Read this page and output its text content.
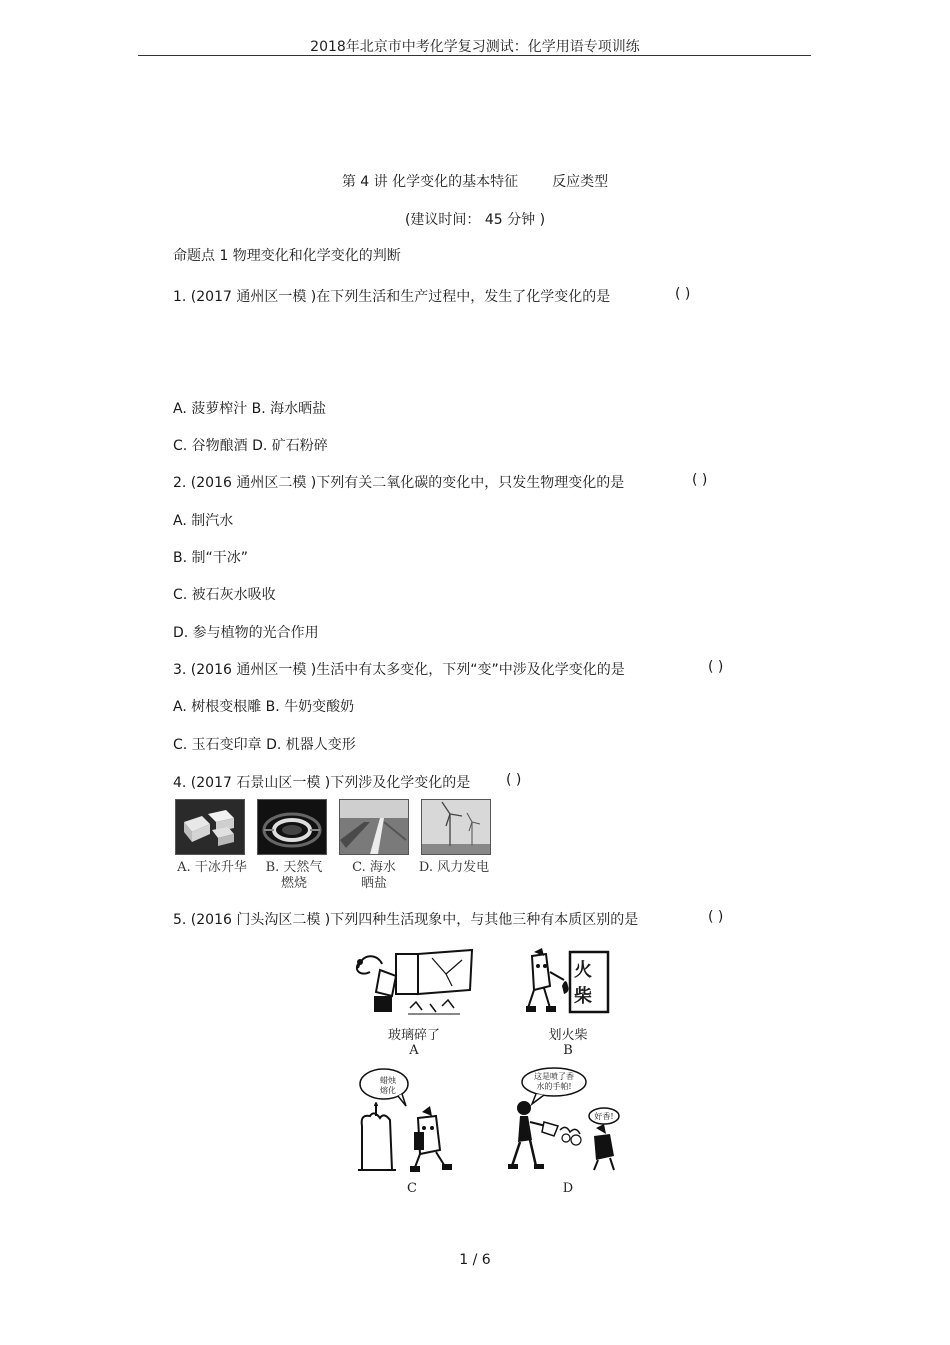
2018年北京市中考化学复习测试：化学用语专项训练
第 4 讲 化学变化的基本特征 反应类型
(建议时间： 45 分钟 )
命题点 1 物理变化和化学变化的判断
1. (2017 通州区一模 )在下列生活和生产过程中，发生了化学变化的是	( )
A. 菠萝榨汁 B. 海水晒盐
C. 谷物酿酒 D. 矿石粉碎
2. (2016 通州区二模 )下列有关二氧化碳的变化中，只发生物理变化的是	( )
A. 制汽水
B. 制“干冰”
C. 被石灰水吸收
D. 参与植物的光合作用
3. (2016 通州区一模 )生活中有太多变化，下列“变”中涉及化学变化的是	( )
A. 树根变根雕 B. 牛奶变酸奶
C. 玉石变印章 D. 机器人变形
4. (2017 石景山区一模 )下列涉及化学变化的是	( )
A. 干冰升华	B. 天然气
燃烧
C. 海水
晒盐
D. 风力发电
5. (2016 门头沟区二模 )下列四种生活现象中，与其他三种有本质区别的是	( )
玻璃碎了
A
火
柴
划火柴
B
蜡烛
熔化
C
这是喷了香
水的手帕!
好香!
D
1 / 6
